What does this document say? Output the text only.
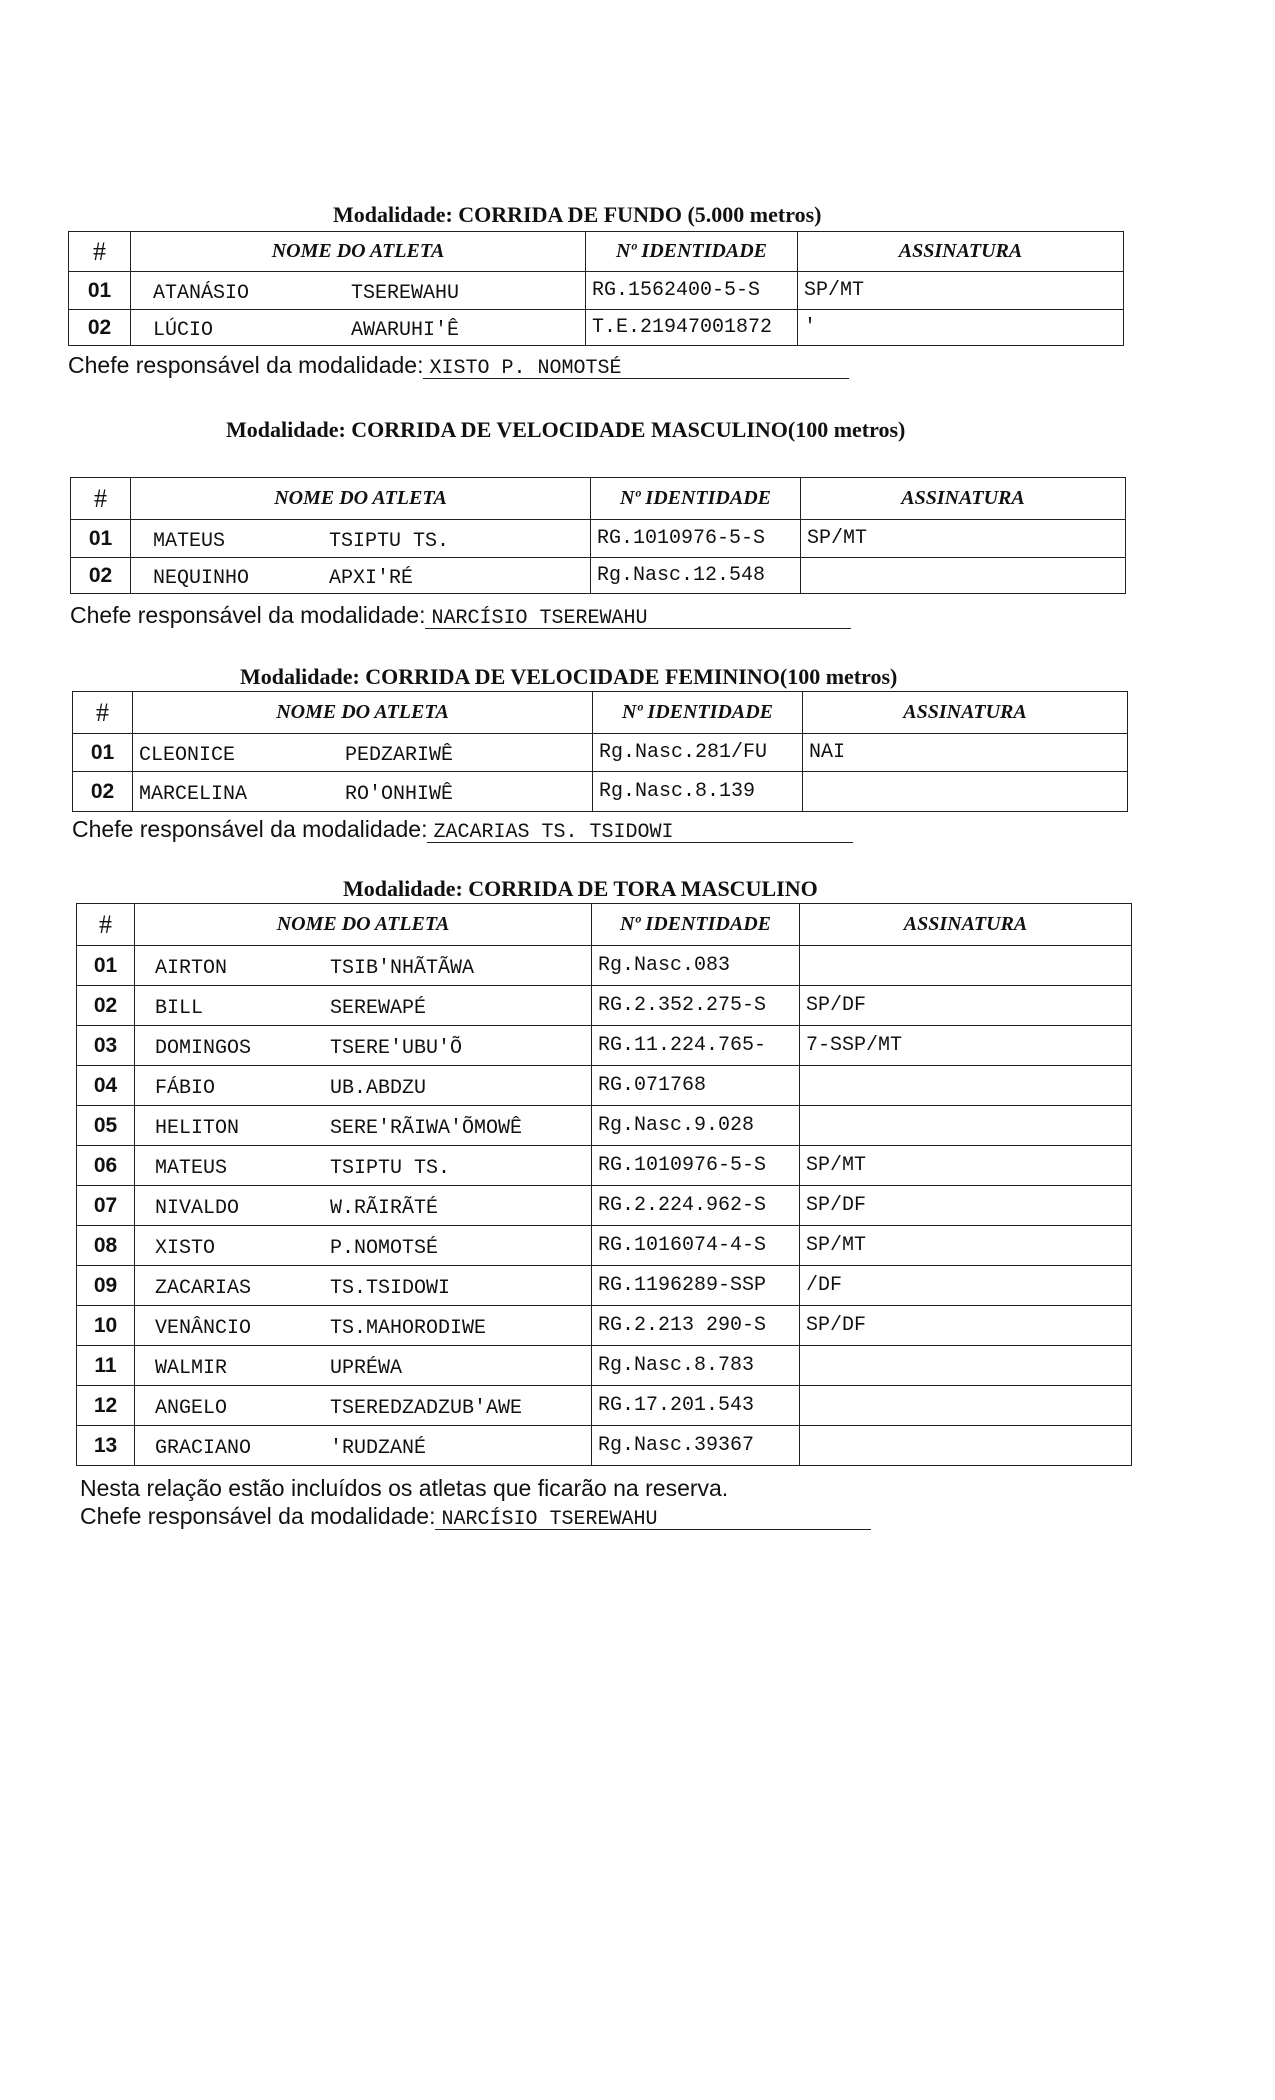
Modalidade: CORRIDA DE FUNDO (5.000 metros)
#	NOME DO ATLETA	Nº IDENTIDADE	ASSINATURA
01	ATANÁSIO TSEREWAHU	RG.1562400-5-S	SP/MT
02	LÚCIO AWARUHI'Ê	T.E.21947001872	'
Chefe responsável da modalidade: XISTO P. NOMOTSÉ
Modalidade: CORRIDA DE VELOCIDADE MASCULINO(100 metros)
#	NOME DO ATLETA	Nº IDENTIDADE	ASSINATURA
01	MATEUS TSIPTU TS.	RG.1010976-5-S	SP/MT
02	NEQUINHO APXI'RÉ	Rg.Nasc.12.548	
Chefe responsável da modalidade: NARCÍSIO TSEREWAHU
Modalidade: CORRIDA DE VELOCIDADE FEMININO(100 metros)
#	NOME DO ATLETA	Nº IDENTIDADE	ASSINATURA
01	CLEONICE PEDZARIWÊ	Rg.Nasc.281/FU	NAI
02	MARCELINA RO'ONHIWÊ	Rg.Nasc.8.139	
Chefe responsável da modalidade: ZACARIAS TS. TSIDOWI
Modalidade: CORRIDA DE TORA MASCULINO
#	NOME DO ATLETA	Nº IDENTIDADE	ASSINATURA
01	AIRTON TSIB'NHÃTÃWA	Rg.Nasc.083	
02	BILL SEREWAPÉ	RG.2.352.275-S	SP/DF
03	DOMINGOS TSERE'UBU'Õ	RG.11.224.765-	7-SSP/MT
04	FÁBIO UB.ABDZU	RG.071768	
05	HELITON SERE'RÃIWA'ÕMOWÊ	Rg.Nasc.9.028	
06	MATEUS TSIPTU TS.	RG.1010976-5-S	SP/MT
07	NIVALDO W.RÃIRÃTÉ	RG.2.224.962-S	SP/DF
08	XISTO P.NOMOTSÉ	RG.1016074-4-S	SP/MT
09	ZACARIAS TS.TSIDOWI	RG.1196289-SSP	/DF
10	VENÂNCIO TS.MAHORODIWE	RG.2.213 290-S	SP/DF
11	WALMIR UPRÉWA	Rg.Nasc.8.783	
12	ANGELO TSEREDZADZUB'AWE	RG.17.201.543	
13	GRACIANO 'RUDZANÉ	Rg.Nasc.39367	
Nesta relação estão incluídos os atletas que ficarão na reserva.
Chefe responsável da modalidade: NARCÍSIO TSEREWAHU
